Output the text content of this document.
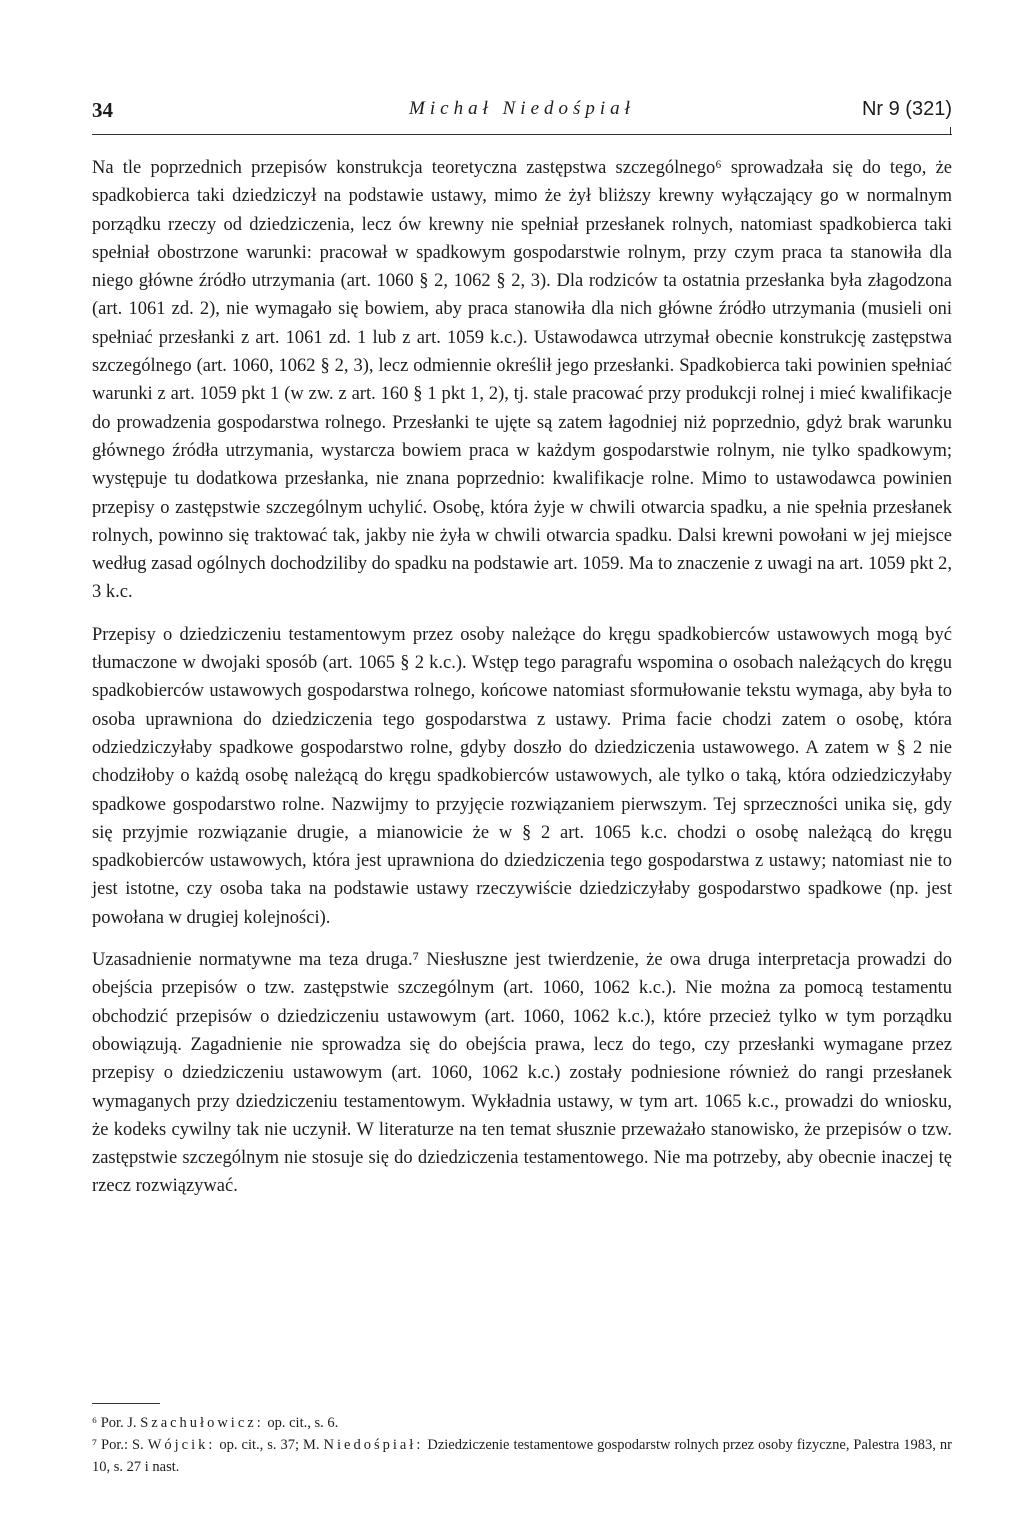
34	Michał Niedośpiał	Nr 9 (321)

Na tle poprzednich przepisów konstrukcja teoretyczna zastępstwa szczególnego⁶ sprowadzała się do tego, że spadkobierca taki dziedziczył na podstawie ustawy, mimo że żył bliższy krewny wyłączający go w normalnym porządku rzeczy od dziedziczenia, lecz ów krewny nie spełniał przesłanek rolnych, natomiast spadkobierca taki spełniał obostrzone warunki: pracował w spadkowym gospodarstwie rolnym, przy czym praca ta stanowiła dla niego główne źródło utrzymania (art. 1060 § 2, 1062 § 2, 3). Dla rodziców ta ostatnia przesłanka była złagodzona (art. 1061 zd. 2), nie wymagało się bowiem, aby praca stanowiła dla nich główne źródło utrzymania (musieli oni spełniać przesłanki z art. 1061 zd. 1 lub z art. 1059 k.c.). Ustawodawca utrzymał obecnie konstrukcję zastępstwa szczególnego (art. 1060, 1062 § 2, 3), lecz odmiennie określił jego przesłanki. Spadkobierca taki powinien spełniać warunki z art. 1059 pkt 1 (w zw. z art. 160 § 1 pkt 1, 2), tj. stale pracować przy produkcji rolnej i mieć kwalifikacje do prowadzenia gospodarstwa rolnego. Przesłanki te ujęte są zatem łagodniej niż poprzednio, gdyż brak warunku głównego źródła utrzymania, wystarcza bowiem praca w każdym gospodarstwie rolnym, nie tylko spadkowym; występuje tu dodatkowa przesłanka, nie znana poprzednio: kwalifikacje rolne. Mimo to ustawodawca powinien przepisy o zastępstwie szczególnym uchylić. Osobę, która żyje w chwili otwarcia spadku, a nie spełnia przesłanek rolnych, powinno się traktować tak, jakby nie żyła w chwili otwarcia spadku. Dalsi krewni powołani w jej miejsce według zasad ogólnych dochodziliby do spadku na podstawie art. 1059. Ma to znaczenie z uwagi na art. 1059 pkt 2, 3 k.c.

Przepisy o dziedziczeniu testamentowym przez osoby należące do kręgu spadkobierców ustawowych mogą być tłumaczone w dwojaki sposób (art. 1065 § 2 k.c.). Wstęp tego paragrafu wspomina o osobach należących do kręgu spadkobierców ustawowych gospodarstwa rolnego, końcowe natomiast sformułowanie tekstu wymaga, aby była to osoba uprawniona do dziedziczenia tego gospodarstwa z ustawy. Prima facie chodzi zatem o osobę, która odziedziczyłaby spadkowe gospodarstwo rolne, gdyby doszło do dziedziczenia ustawowego. A zatem w § 2 nie chodziłoby o każdą osobę należącą do kręgu spadkobierców ustawowych, ale tylko o taką, która odziedziczyłaby spadkowe gospodarstwo rolne. Nazwijmy to przyjęcie rozwiązaniem pierwszym. Tej sprzeczności unika się, gdy się przyjmie rozwiązanie drugie, a mianowicie że w § 2 art. 1065 k.c. chodzi o osobę należącą do kręgu spadkobierców ustawowych, która jest uprawniona do dziedziczenia tego gospodarstwa z ustawy; natomiast nie to jest istotne, czy osoba taka na podstawie ustawy rzeczywiście dziedziczyłaby gospodarstwo spadkowe (np. jest powołana w drugiej kolejności).

Uzasadnienie normatywne ma teza druga.⁷ Niesłuszne jest twierdzenie, że owa druga interpretacja prowadzi do obejścia przepisów o tzw. zastępstwie szczególnym (art. 1060, 1062 k.c.). Nie można za pomocą testamentu obchodzić przepisów o dziedziczeniu ustawowym (art. 1060, 1062 k.c.), które przecież tylko w tym porządku obowiązują. Zagadnienie nie sprowadza się do obejścia prawa, lecz do tego, czy przesłanki wymagane przez przepisy o dziedziczeniu ustawowym (art. 1060, 1062 k.c.) zostały podniesione również do rangi przesłanek wymaganych przy dziedziczeniu testamentowym. Wykładnia ustawy, w tym art. 1065 k.c., prowadzi do wniosku, że kodeks cywilny tak nie uczynił. W literaturze na ten temat słusznie przeważało stanowisko, że przepisów o tzw. zastępstwie szczególnym nie stosuje się do dziedziczenia testamentowego. Nie ma potrzeby, aby obecnie inaczej tę rzecz rozwiązywać.

⁶ Por. J. Szachułowicz: op. cit., s. 6.

⁷ Por.: S. Wójcik: op. cit., s. 37; M. Niedośpiał: Dziedziczenie testamentowe gospodarstw rolnych przez osoby fizyczne, Palestra 1983, nr 10, s. 27 i nast.
